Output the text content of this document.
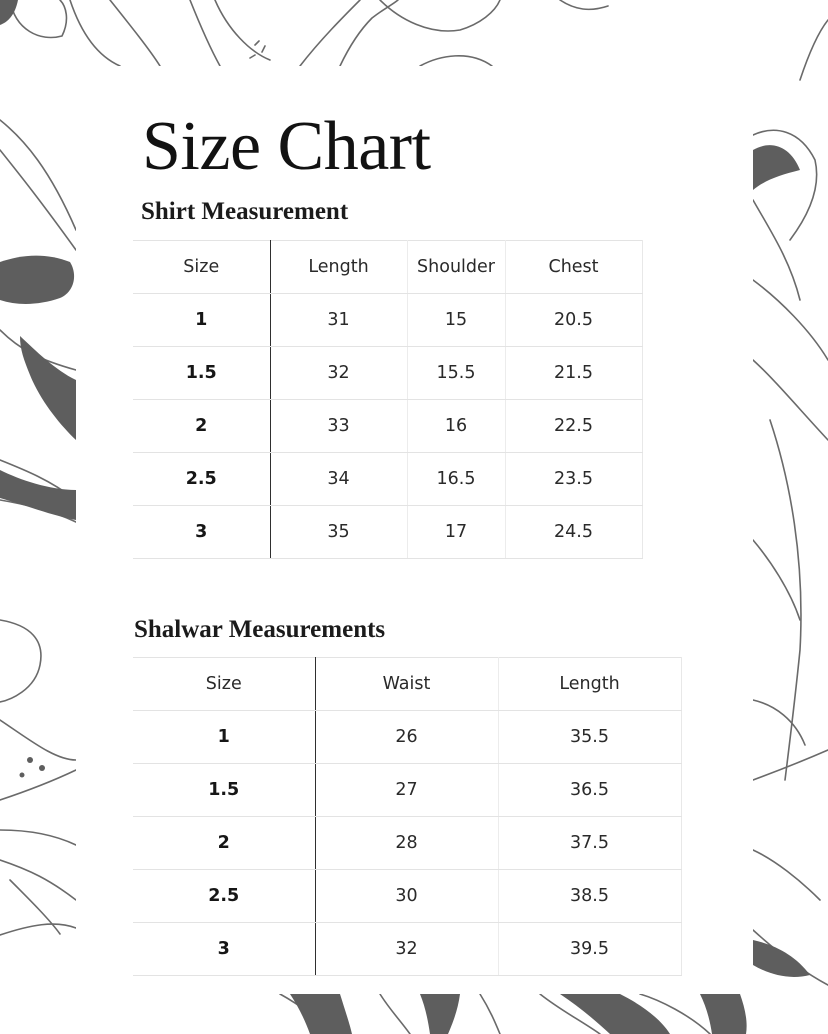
Size Chart
Shirt Measurement
Size	Length	Shoulder	Chest
1	31	15	20.5
1.5	32	15.5	21.5
2	33	16	22.5
2.5	34	16.5	23.5
3	35	17	24.5
Shalwar Measurements
Size	Waist	Length
1	26	35.5
1.5	27	36.5
2	28	37.5
2.5	30	38.5
3	32	39.5
